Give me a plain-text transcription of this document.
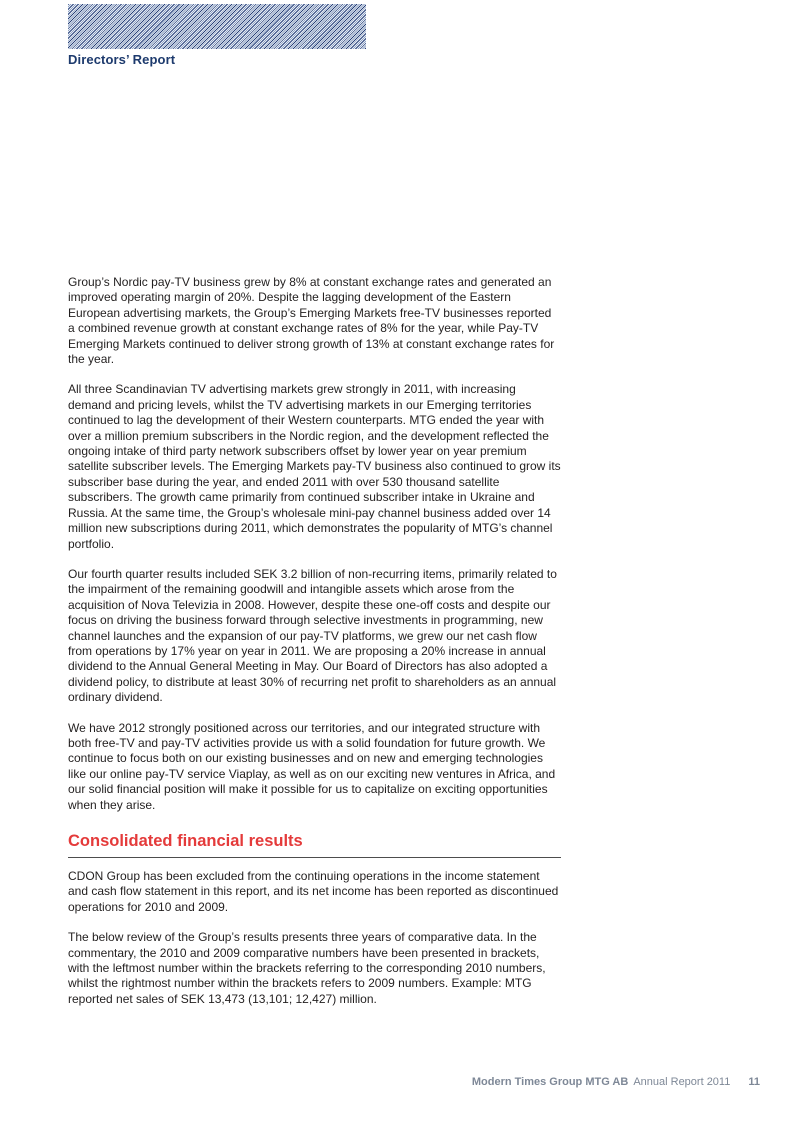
Directors’ Report

Group’s Nordic pay-TV business grew by 8% at constant exchange rates and generated an improved operating margin of 20%. Despite the lagging development of the Eastern European advertising markets, the Group’s Emerging Markets free-TV businesses reported a combined revenue growth at constant exchange rates of 8% for the year, while Pay-TV Emerging Markets continued to deliver strong growth of 13% at constant exchange rates for the year.

All three Scandinavian TV advertising markets grew strongly in 2011, with increasing demand and pricing levels, whilst the TV advertising markets in our Emerging territories continued to lag the development of their Western counterparts. MTG ended the year with over a million premium subscribers in the Nordic region, and the development reflected the ongoing intake of third party network subscribers offset by lower year on year premium satellite subscriber levels. The Emerging Markets pay-TV business also continued to grow its subscriber base during the year, and ended 2011 with over 530 thousand satellite subscribers. The growth came primarily from continued subscriber intake in Ukraine and Russia. At the same time, the Group’s wholesale mini-pay channel business added over 14 million new subscriptions during 2011, which demonstrates the popularity of MTG’s channel portfolio.

Our fourth quarter results included SEK 3.2 billion of non-recurring items, primarily related to the impairment of the remaining goodwill and intangible assets which arose from the acquisition of Nova Televizia in 2008. However, despite these one-off costs and despite our focus on driving the business forward through selective investments in programming, new channel launches and the expansion of our pay-TV platforms, we grew our net cash flow from operations by 17% year on year in 2011. We are proposing a 20% increase in annual dividend to the Annual General Meeting in May. Our Board of Directors has also adopted a dividend policy, to distribute at least 30% of recurring net profit to shareholders as an annual ordinary dividend.

We have 2012 strongly positioned across our territories, and our integrated structure with both free-TV and pay-TV activities provide us with a solid foundation for future growth. We continue to focus both on our existing businesses and on new and emerging technologies like our online pay-TV service Viaplay, as well as on our exciting new ventures in Africa, and our solid financial position will make it possible for us to capitalize on exciting opportunities when they arise.

Consolidated financial results

CDON Group has been excluded from the continuing operations in the income statement and cash flow statement in this report, and its net income has been reported as discontinued operations for 2010 and 2009.

The below review of the Group’s results presents three years of comparative data. In the commentary, the 2010 and 2009 comparative numbers have been presented in brackets, with the leftmost number within the brackets referring to the corresponding 2010 numbers, whilst the rightmost number within the brackets refers to 2009 numbers. Example: MTG reported net sales of SEK 13,473 (13,101; 12,427) million.

Modern Times Group MTG AB Annual Report 2011 11
